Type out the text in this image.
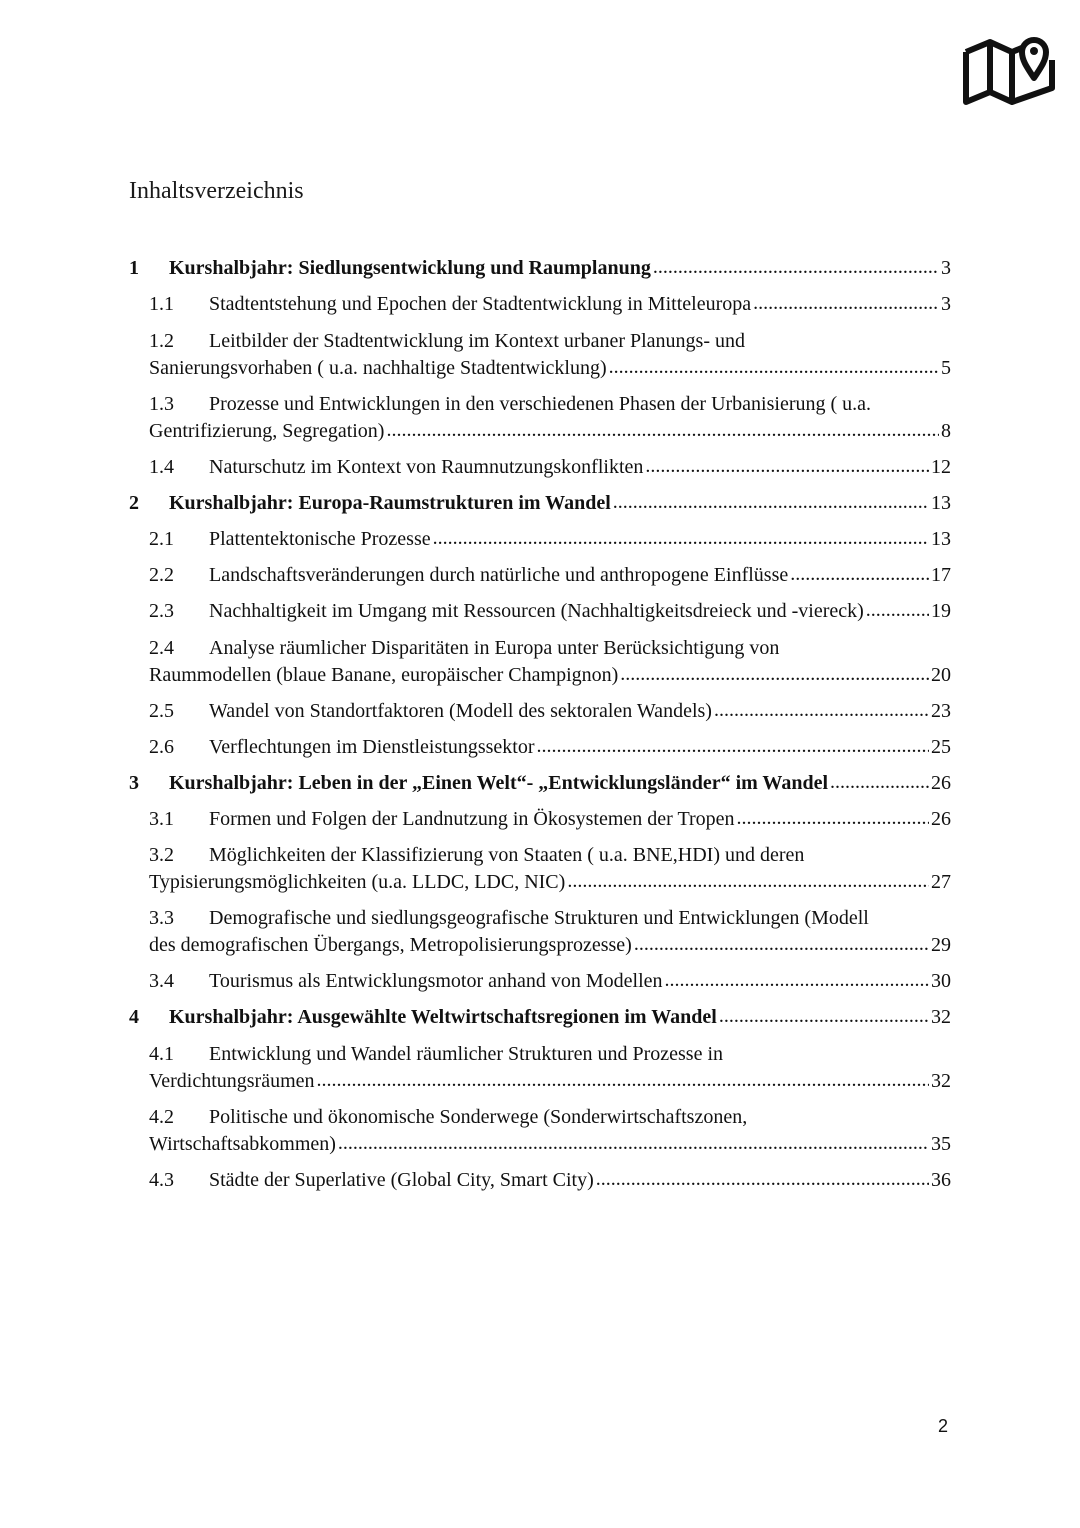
Inhaltsverzeichnis
1 Kurshalbjahr: Siedlungsentwicklung und Raumplanung .....	3
1.1 Stadtentstehung und Epochen der Stadtentwicklung in Mitteleuropa .....	3
1.2 Leitbilder der Stadtentwicklung im Kontext urbaner Planungs- und
Sanierungsvorhaben ( u.a. nachhaltige Stadtentwicklung) .....	5
1.3 Prozesse und Entwicklungen in den verschiedenen Phasen der Urbanisierung ( u.a.
Gentrifizierung, Segregation) .....	8
1.4 Naturschutz im Kontext von Raumnutzungskonflikten .....	12
2 Kurshalbjahr: Europa-Raumstrukturen im Wandel .....	13
2.1 Plattentektonische Prozesse .....	13
2.2 Landschaftsveränderungen durch natürliche und anthropogene Einflüsse .....	17
2.3 Nachhaltigkeit im Umgang mit Ressourcen (Nachhaltigkeitsdreieck und -viereck) .....	19
2.4 Analyse räumlicher Disparitäten in Europa unter Berücksichtigung von
Raummodellen (blaue Banane, europäischer Champignon) .....	20
2.5 Wandel von Standortfaktoren (Modell des sektoralen Wandels) .....	23
2.6 Verflechtungen im Dienstleistungssektor .....	25
3 Kurshalbjahr: Leben in der „Einen Welt“- „Entwicklungsländer“ im Wandel .....	26
3.1 Formen und Folgen der Landnutzung in Ökosystemen der Tropen .....	26
3.2 Möglichkeiten der Klassifizierung von Staaten ( u.a. BNE,HDI) und deren
Typisierungsmöglichkeiten (u.a. LLDC, LDC, NIC) .....	27
3.3 Demografische und siedlungsgeografische Strukturen und Entwicklungen (Modell
des demografischen Übergangs, Metropolisierungsprozesse) .....	29
3.4 Tourismus als Entwicklungsmotor anhand von Modellen .....	30
4 Kurshalbjahr: Ausgewählte Weltwirtschaftsregionen im Wandel .....	32
4.1 Entwicklung und Wandel räumlicher Strukturen und Prozesse in
Verdichtungsräumen .....	32
4.2 Politische und ökonomische Sonderwege (Sonderwirtschaftszonen,
Wirtschaftsabkommen) .....	35
4.3 Städte der Superlative (Global City, Smart City) .....	36
2
